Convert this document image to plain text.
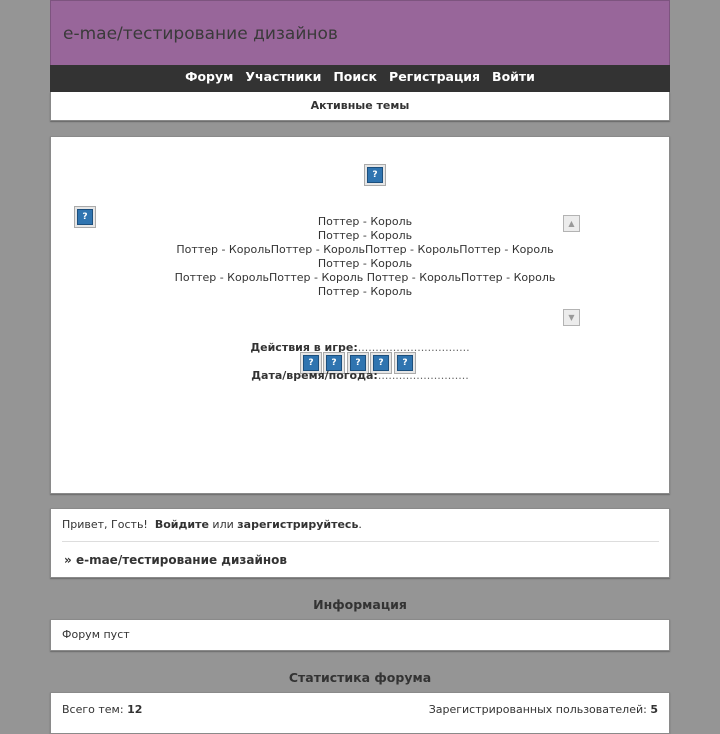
e-mae/тестирование дизайнов
Форум Участники Поиск Регистрация Войти
Активные темы
?
?
▲
▼
Поттер - Король
Поттер - Король
Поттер - КорольПоттер - КорольПоттер - КорольПоттер - Король
Поттер - Король
Поттер - КорольПоттер - Король Поттер - КорольПоттер - Король
Поттер - Король
Действия в игре:................................
?	?	?	?	?
Дата/время/погода:..........................
Привет, Гость! Войдите или зарегистрируйтесь.
» e-mae/тестирование дизайнов
Информация
Форум пуст
Статистика форума
Всего тем: 12	Зарегистрированных пользователей: 5
